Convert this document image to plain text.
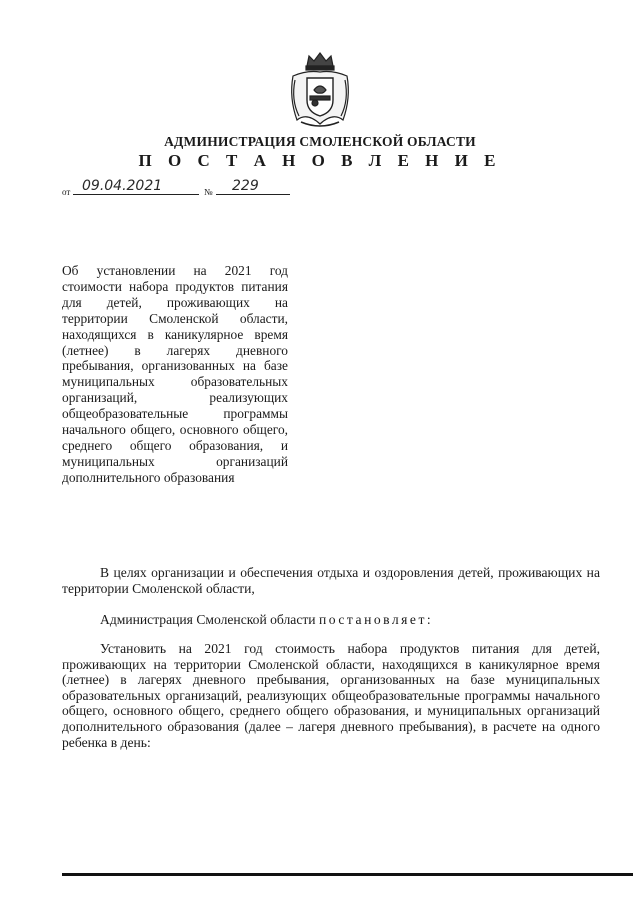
АДМИНИСТРАЦИЯ СМОЛЕНСКОЙ ОБЛАСТИ
П О С Т А Н О В Л Е Н И Е
от 09.04.2021	№ 229
Об установлении на 2021 год стоимости набора продуктов питания для детей, проживающих на территории Смоленской области, находящихся в каникулярное время (летнее) в лагерях дневного пребывания, организованных на базе муниципальных образовательных организаций, реализующих общеобразовательные программы начального общего, основного общего, среднего общего образования, и муниципальных организаций дополнительного образования
В целях организации и обеспечения отдыха и оздоровления детей, проживающих на территории Смоленской области,
Администрация Смоленской области постановляет:
Установить на 2021 год стоимость набора продуктов питания для детей, проживающих на территории Смоленской области, находящихся в каникулярное время (летнее) в лагерях дневного пребывания, организованных на базе муниципальных образовательных организаций, реализующих общеобразовательные программы начального общего, основного общего, среднего общего образования, и муниципальных организаций дополнительного образования (далее – лагеря дневного пребывания), в расчете на одного ребенка в день:
